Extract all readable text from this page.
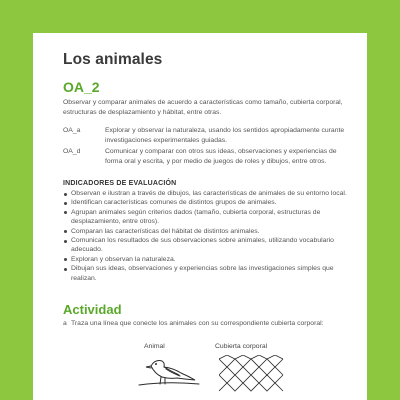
Los animales
OA_2

Observar y comparar animales de acuerdo a características como tamaño, cubierta corporal, estructuras de desplazamiento y hábitat, entre otras.

OA_a	Explorar y observar la naturaleza, usando los sentidos apropiadamente curante investigaciones experimentales guiadas.
OA_d	Comunicar y comparar con otros sus ideas, observaciones y experiencias de forma oral y escrita, y por medio de juegos de roles y dibujos, entre otros.
INDICADORES DE EVALUACIÓN
Observan e ilustran a través de dibujos, las características de animales de su entorno local.
Identifican características comunes de distintos grupos de animales.
Agrupan animales según criterios dados (tamaño, cubierta corporal, estructuras de desplazamiento, entre otros).
Comparan las características del hábitat de distintos animales.
Comunican los resultados de sus observaciones sobre animales, utilizando vocabulario adecuado.
Exploran y observan la naturaleza.
Dibujan sus ideas, observaciones y experiencias sobre las investigaciones simples que realizan.
Actividad
a Traza una línea que conecte los animales con su correspondiente cubierta corporal:
Animal	Cubierta corporal
